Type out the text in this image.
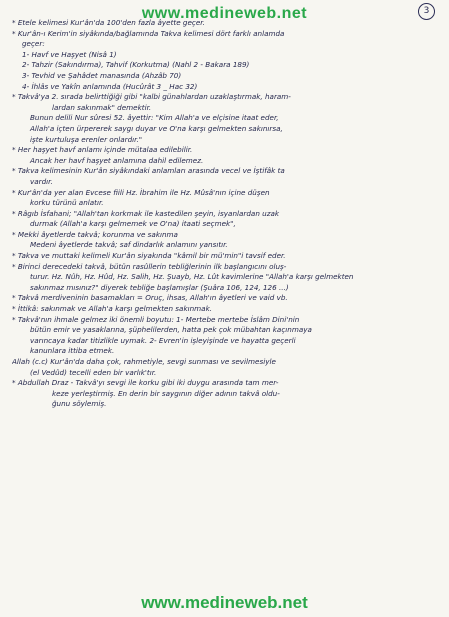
www.medineweb.net	3
* Etele kelimesi Kur'ân'da 100'den fazla âyette geçer.
* Kur'ân-ı Kerim'in siyâkında/bağlamında Takva kelimesi dört farklı anlamda
geçer:
1- Havf ve Haşyet (Nisâ 1)
2- Tahzir (Sakındırma), Tahvif (Korkutma) (Nahl 2 - Bakara 189)
3- Tevhid ve Şahâdet manasında (Ahzâb 70)
4- İhlâs ve Yakîn anlamında (Hucûrât 3 _ Hac 32)
* Takvâ'ya 2. sırada belirttiğiği gibi "kalbi günahlardan uzaklaştırmak, haram-
lardan sakınmak" demektir.
Bunun delili Nur sûresi 52. âyettir: "Kim Allah'a ve elçisine itaat eder,
Allah'a içten ürpererek saygı duyar ve O'na karşı gelmekten sakınırsa,
işte kurtuluşa erenler onlardır."
* Her haşyet havf anlamı içinde mütalaa edilebilir.
Ancak her havf haşyet anlamına dahil edilemez.
* Takva kelimesinin Kur'ân siyâkındaki anlamları arasında vecel ve İştifâk ta
vardır.
* Kur'ân'da yer alan Evcese fiili Hz. İbrahim ile Hz. Mûsâ'nın içine düşen
korku türünü anlatır.
* Râgıb İsfahani; "Allah'tan korkmak ile kastedilen şeyin, isyanlardan uzak
durmak (Allah'a karşı gelmemek ve O'na) itaati seçmek",
* Mekki âyetlerde takvâ; korunma ve sakınma
Medeni âyetlerde takvâ; saf dindarlık anlamını yansıtır.
* Takva ve muttaki kelimeli Kur'ân siyakında "kâmil bir mü'min"i tavsif eder.
* Birinci derecedeki takvâ, bütün rasûllerin tebliğlerinin ilk başlangıcını oluş-
turur. Hz. Nûh, Hz. Hûd, Hz. Salih, Hz. Şuayb, Hz. Lût kavimlerine "Allah'a karşı gelmekten
sakınmaz mısınız?" diyerek tebliğe başlamışlar (Şuâra 106, 124, 126 ...)
* Takvâ merdiveninin basamakları = Oruç, ihsas, Allah'ın âyetleri ve vaid vb.
* İttikâ: sakınmak ve Allah'a karşı gelmekten sakınmak.
* Takvâ'nın ihmale gelmez iki önemli boyutu: 1- Mertebe mertebe İslâm Dini'nin
bütün emir ve yasaklarına, şüphelilerden, hatta pek çok mübahtan kaçınmaya
varıncaya kadar titizlikle uymak. 2- Evren'in işleyişinde ve hayatta geçerli
kanunlara ittiba etmek.
Allah (c.c) Kur'ân'da daha çok, rahmetiyle, sevgi sunması ve sevilmesiyle
(el Vedûd) tecelli eden bir varlık'tır.
* Abdullah Draz - Takvâ'yı sevgi ile korku gibi iki duygu arasında tam mer-
keze yerleştirmiş. En derin bir saygının diğer adının takvâ oldu-
ğunu söylemiş.
www.medineweb.net
